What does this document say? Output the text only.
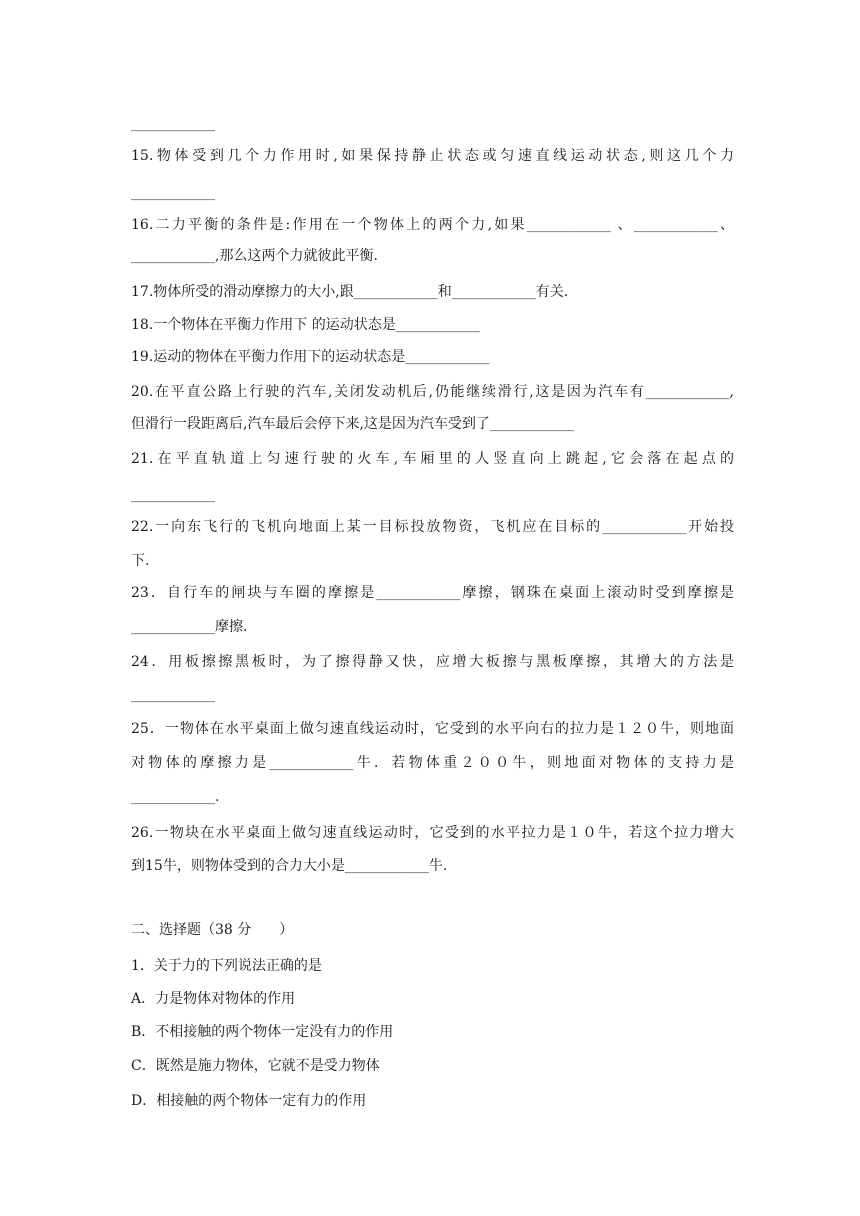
____________
15.物体受到几个力作用时,如果保持静止状态或匀速直线运动状态,则这几个力
____________
16.二力平衡的条件是:作用在一个物体上的两个力,如果____________ 、____________、
____________,那么这两个力就彼此平衡.
17.物体所受的滑动摩擦力的大小,跟____________和____________有关.
18.一个物体在平衡力作用下 的运动状态是____________
19.运动的物体在平衡力作用下的运动状态是____________
20.在平直公路上行驶的汽车,关闭发动机后,仍能继续滑行,这是因为汽车有____________,
但滑行一段距离后,汽车最后会停下来,这是因为汽车受到了____________
21.在平直轨道上匀速行驶的火车,车厢里的人竖直向上跳起,它会落在起点的
____________
22.一向东飞行的飞机向地面上某一目标投放物资，飞机应在目标的____________开始投
下.
23．自行车的闸块与车圈的摩擦是____________摩擦，钢珠在桌面上滚动时受到摩擦是
____________摩擦.
24．用板擦擦黑板时，为了擦得静又快，应增大板擦与黑板摩擦，其增大的方法是
____________
25．一物体在水平桌面上做匀速直线运动时，它受到的水平向右的拉力是１２０牛，则地面
对物体的摩擦力是____________牛．若物体重２００牛，则地面对物体的支持力是
____________.
26.一物块在水平桌面上做匀速直线运动时，它受到的水平拉力是１０牛，若这个拉力增大
到15牛，则物体受到的合力大小是____________牛.
二、选择题（38 分　　）
1．关于力的下列说法正确的是
A．力是物体对物体的作用
B．不相接触的两个物体一定没有力的作用
C．既然是施力物体，它就不是受力物体
D．相接触的两个物体一定有力的作用
